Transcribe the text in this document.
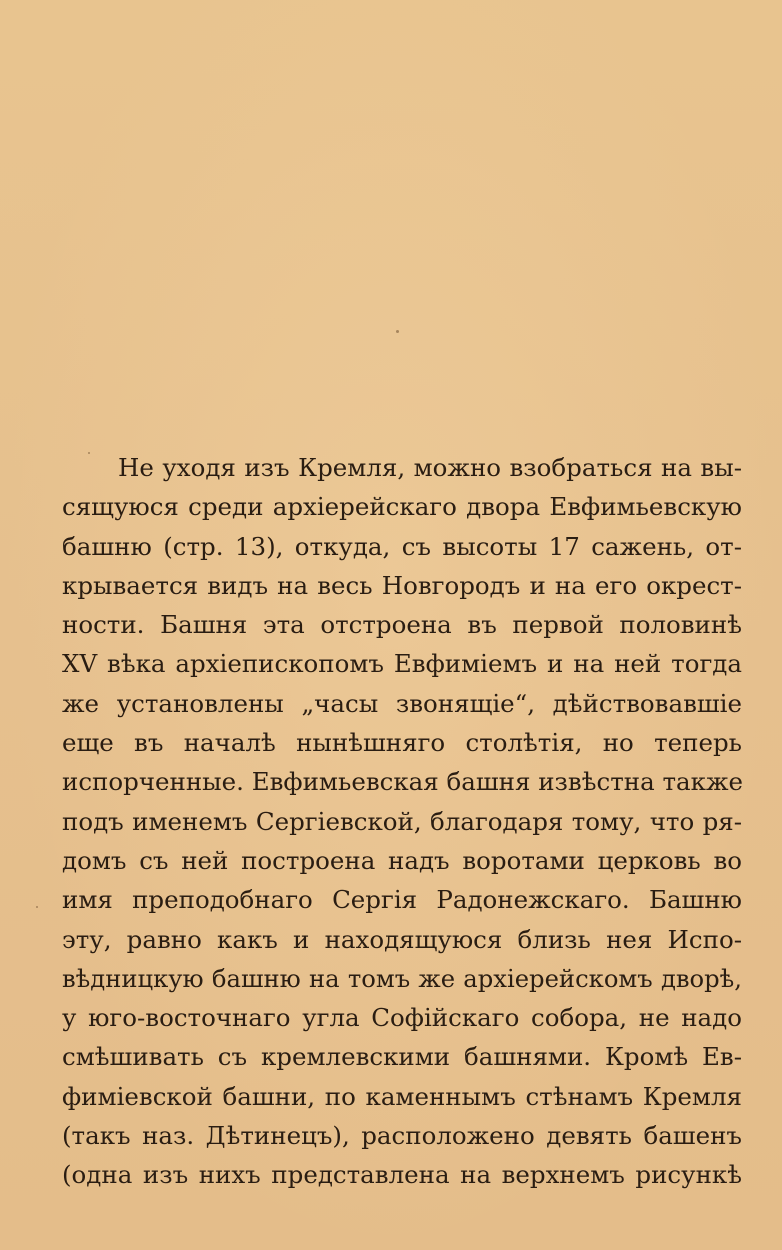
Не уходя изъ Кремля, можно взобраться на вы-
сящуюся среди архіерейскаго двора Евфимьевскую
башню (стр. 13), откуда, съ высоты 17 сажень, от-
крывается видъ на весь Новгородъ и на его окрест-
ности. Башня эта отстроена въ первой половинѣ
XV вѣка архіепископомъ Евфиміемъ и на ней тогда
же установлены „часы звонящіе“, дѣйствовавшіе
еще въ началѣ нынѣшняго столѣтія, но теперь
испорченные. Евфимьевская башня извѣстна также
подъ именемъ Сергіевской, благодаря тому, что ря-
домъ съ ней построена надъ воротами церковь во
имя преподобнаго Сергія Радонежскаго. Башню
эту, равно какъ и находящуюся близь нея Испо-
вѣдницкую башню на томъ же архіерейскомъ дворѣ,
у юго-восточнаго угла Софійскаго собора, не надо
смѣшивать съ кремлевскими башнями. Кромѣ Ев-
фиміевской башни, по каменнымъ стѣнамъ Кремля
(такъ наз. Дѣтинецъ), расположено девять башенъ
(одна изъ нихъ представлена на верхнемъ рисункѣ
